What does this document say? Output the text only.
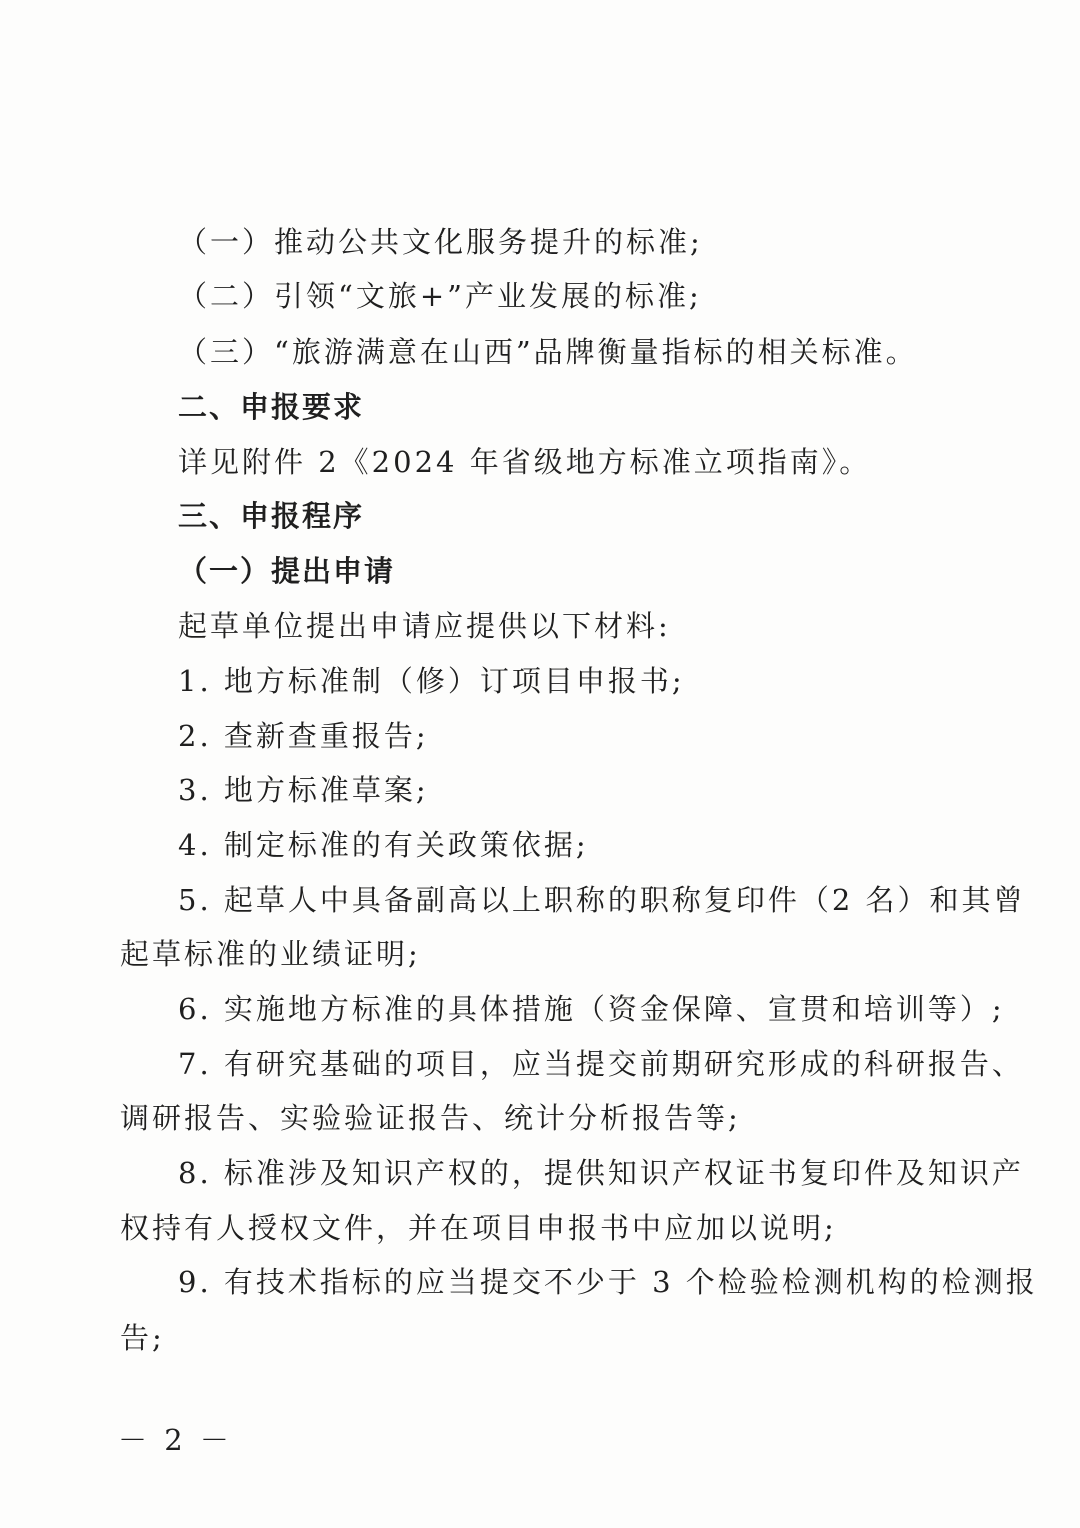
（一）推动公共文化服务提升的标准;
（二）引领“文旅+”产业发展的标准;
（三）“旅游满意在山西”品牌衡量指标的相关标准。
二、申报要求
详见附件 2《2024 年省级地方标准立项指南》。
三、申报程序
（一）提出申请
起草单位提出申请应提供以下材料:
1. 地方标准制（修）订项目申报书;
2. 查新查重报告;
3. 地方标准草案;
4. 制定标准的有关政策依据;
5. 起草人中具备副高以上职称的职称复印件（2 名）和其曾
起草标准的业绩证明;
6. 实施地方标准的具体措施（资金保障、宣贯和培训等）;
7. 有研究基础的项目，应当提交前期研究形成的科研报告、
调研报告、实验验证报告、统计分析报告等;
8. 标准涉及知识产权的，提供知识产权证书复印件及知识产
权持有人授权文件，并在项目申报书中应加以说明;
9. 有技术指标的应当提交不少于 3 个检验检测机构的检测报
告;
－ 2 －
